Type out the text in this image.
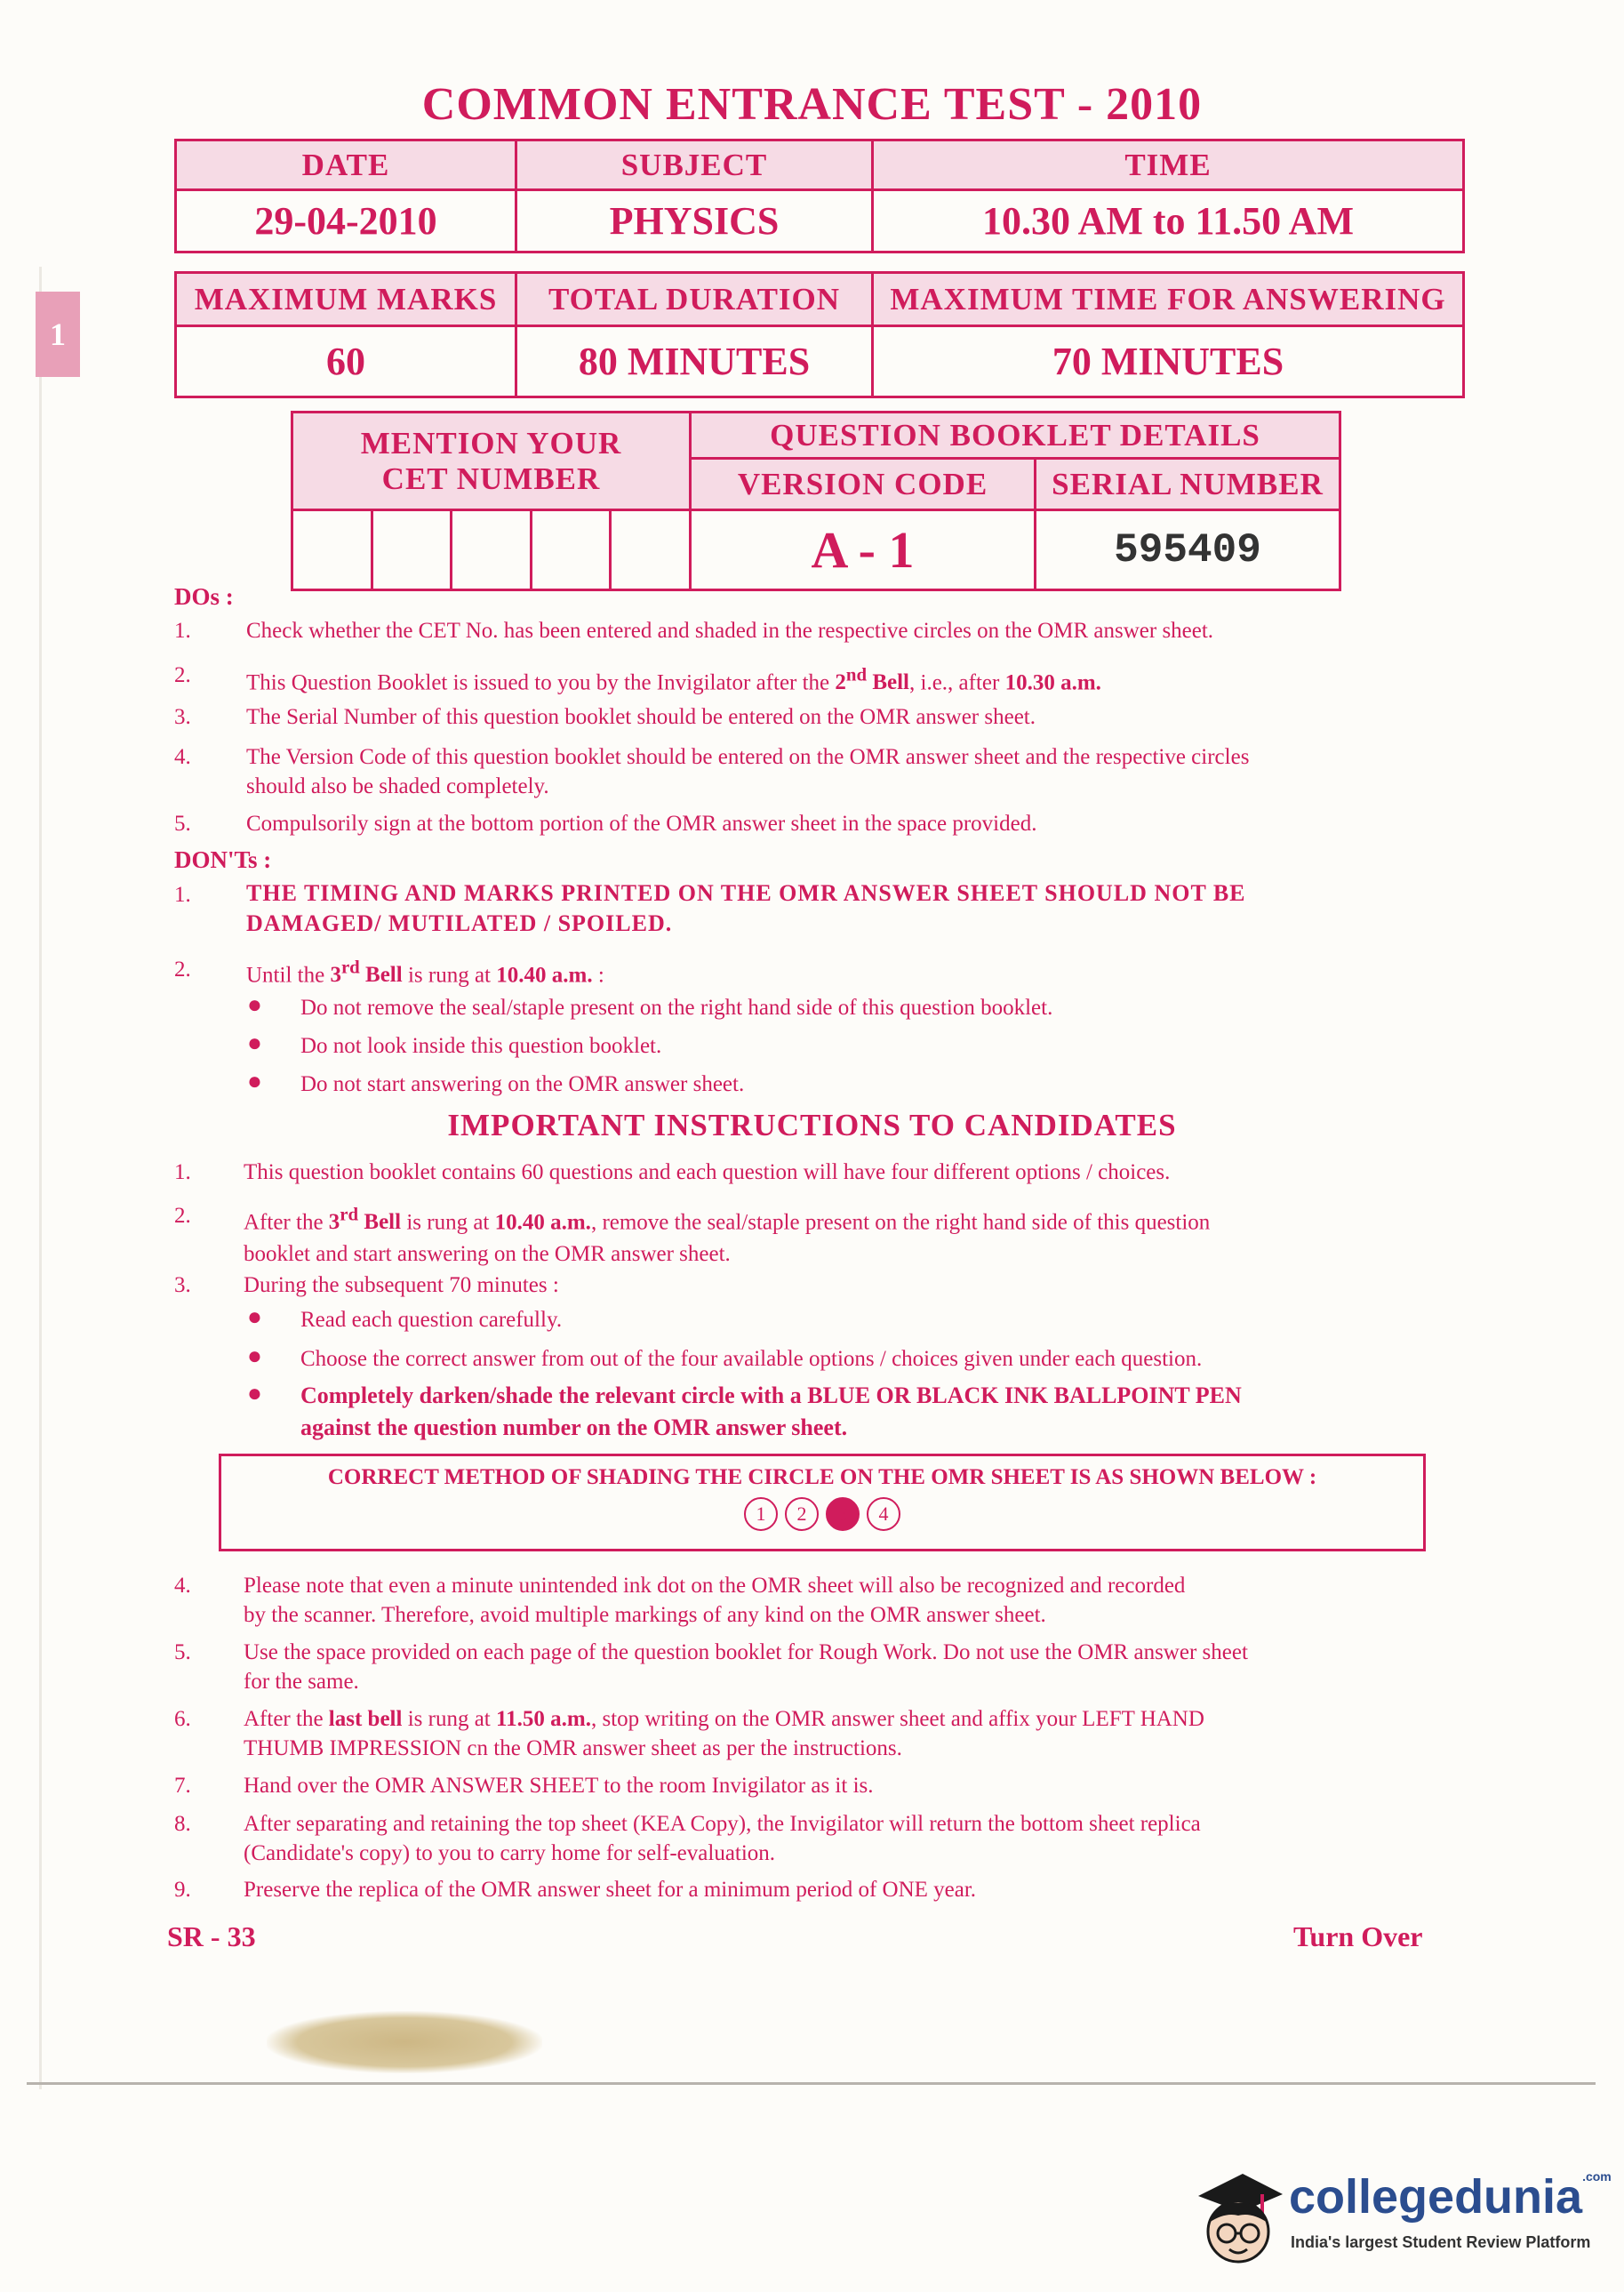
1
COMMON ENTRANCE TEST - 2010
DATE	SUBJECT	TIME
29-04-2010	PHYSICS	10.30 AM to 11.50 AM
MAXIMUM MARKS	TOTAL DURATION	MAXIMUM TIME FOR ANSWERING
60	80 MINUTES	70 MINUTES
MENTION YOUR
CET NUMBER					QUESTION BOOKLET DETAILS	
					VERSION CODE	SERIAL NUMBER
					A - 1	595409
DOs :
1. Check whether the CET No. has been entered and shaded in the respective circles on the OMR answer sheet.
2. This Question Booklet is issued to you by the Invigilator after the 2nd Bell, i.e., after 10.30 a.m.
3. The Serial Number of this question booklet should be entered on the OMR answer sheet.
4. The Version Code of this question booklet should be entered on the OMR answer sheet and the respective circles
should also be shaded completely.
5. Compulsorily sign at the bottom portion of the OMR answer sheet in the space provided.
DON'Ts :
1. THE TIMING AND MARKS PRINTED ON THE OMR ANSWER SHEET SHOULD NOT BE
DAMAGED/ MUTILATED / SPOILED.
2. Until the 3rd Bell is rung at 10.40 a.m. :
● Do not remove the seal/staple present on the right hand side of this question booklet.
● Do not look inside this question booklet.
● Do not start answering on the OMR answer sheet.
IMPORTANT INSTRUCTIONS TO CANDIDATES
1. This question booklet contains 60 questions and each question will have four different options / choices.
2. After the 3rd Bell is rung at 10.40 a.m., remove the seal/staple present on the right hand side of this question
booklet and start answering on the OMR answer sheet.
3. During the subsequent 70 minutes :
● Read each question carefully.
● Choose the correct answer from out of the four available options / choices given under each question.
● Completely darken/shade the relevant circle with a BLUE OR BLACK INK BALLPOINT PEN
against the question number on the OMR answer sheet.
CORRECT METHOD OF SHADING THE CIRCLE ON THE OMR SHEET IS AS SHOWN BELOW :
1 2 3 4
4. Please note that even a minute unintended ink dot on the OMR sheet will also be recognized and recorded
by the scanner. Therefore, avoid multiple markings of any kind on the OMR answer sheet.
5. Use the space provided on each page of the question booklet for Rough Work. Do not use the OMR answer sheet
for the same.
6. After the last bell is rung at 11.50 a.m., stop writing on the OMR answer sheet and affix your LEFT HAND
THUMB IMPRESSION cn the OMR answer sheet as per the instructions.
7. Hand over the OMR ANSWER SHEET to the room Invigilator as it is.
8. After separating and retaining the top sheet (KEA Copy), the Invigilator will return the bottom sheet replica
(Candidate's copy) to you to carry home for self-evaluation.
9. Preserve the replica of the OMR answer sheet for a minimum period of ONE year.
SR - 33	Turn Over
collegedunia$^{.com}$
India's largest Student Review Platform
